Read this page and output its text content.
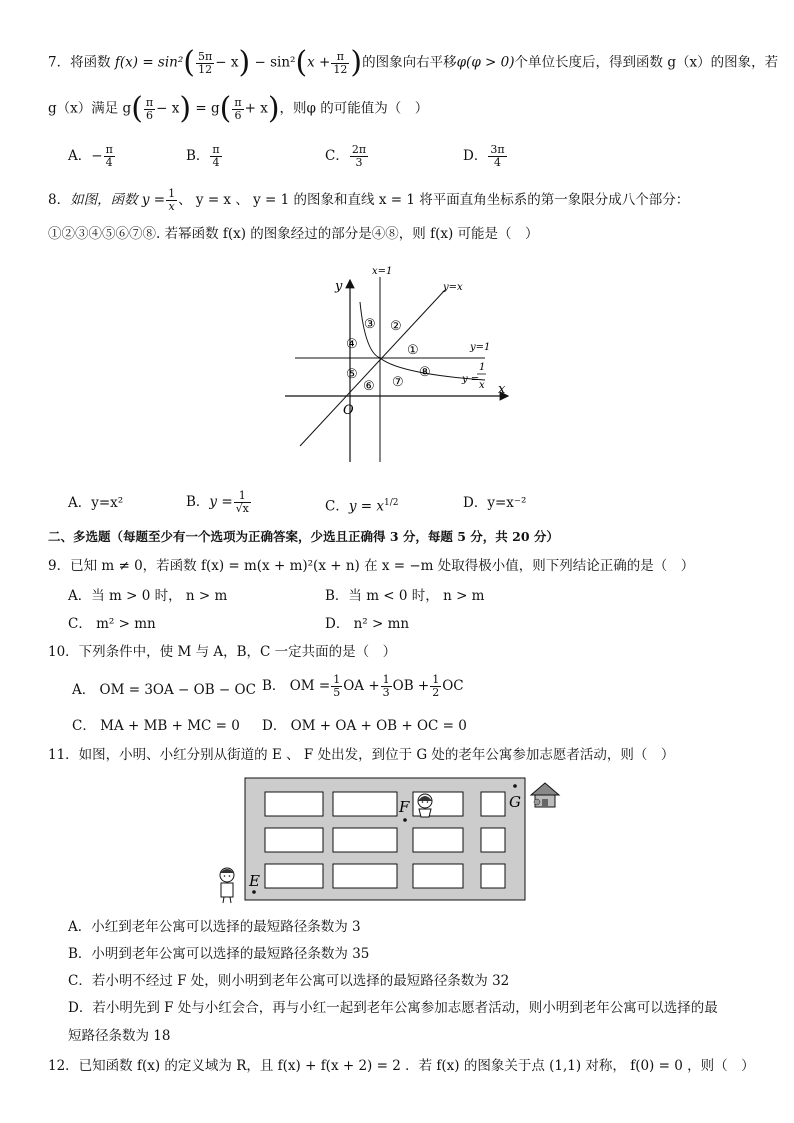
7．将函数 $f(x) = \sin^2( \frac{5\pi}{12} - x) - \sin^2(x + \frac{\pi}{12}$ )的图象向右平移φ(φ > 0)个单位长度后，得到函数 g（x）的图象，若
g（x）满足 $g( \frac{\pi}{6} - x) = g( \frac{\pi}{6} + x)$，则φ 的可能值为（　）
A．− $\frac{\pi}{4}$	B． $\frac{\pi}{4}$	C． $\frac{2\pi}{3}$	D． $\frac{3\pi}{4}$
8．如图，函数 $y = \frac{1}{x}$ 、 y = x 、 y = 1 的图象和直线 x = 1 将平面直角坐标系的第一象限分成八个部分：
①②③④⑤⑥⑦⑧. 若幂函数 f(x) 的图象经过的部分是④⑧，则 f(x) 可能是（　）
x=1
y	y=x
y=1
y =
1
x x
O
①
②
③
④
⑤
⑥ ⑦
⑧
A．y=x²	B．$y = \frac{1}{√x}$	C．$y = x^{1/2}$	D．y=x⁻²
二、多选题（每题至少有一个选项为正确答案，少选且正确得 3 分，每题 5 分，共 20 分）
9．已知 m ≠ 0，若函数 f(x) = m(x + m)²(x + n) 在 x = −m 处取得极小值，则下列结论正确的是（　）
A．当 m > 0 时， n > m	B．当 m < 0 时， n > m
C． m² > mn	D． n² > mn
10．下列条件中，使 M 与 A，B，C 一定共面的是（　）
A． OM = 3OA − OB − OC B． OM = $\frac{1}{5}$ OA + $\frac{1}{3}$ OB + $\frac{1}{2}$ OC
C． MA + MB + MC = 0 D． OM + OA + OB + OC = 0
11．如图，小明、小红分别从街道的 E 、 F 处出发，到位于 G 处的老年公寓参加志愿者活动，则（　）
F	G
E
A．小红到老年公寓可以选择的最短路径条数为 3
B．小明到老年公寓可以选择的最短路径条数为 35
C．若小明不经过 F 处，则小明到老年公寓可以选择的最短路径条数为 32
D．若小明先到 F 处与小红会合，再与小红一起到老年公寓参加志愿者活动，则小明到老年公寓可以选择的最
短路径条数为 18
12．已知函数 f(x) 的定义域为 R，且 f(x) + f(x + 2) = 2 ．若 f(x) 的图象关于点 (1,1) 对称， f(0) = 0 ，则（　）
